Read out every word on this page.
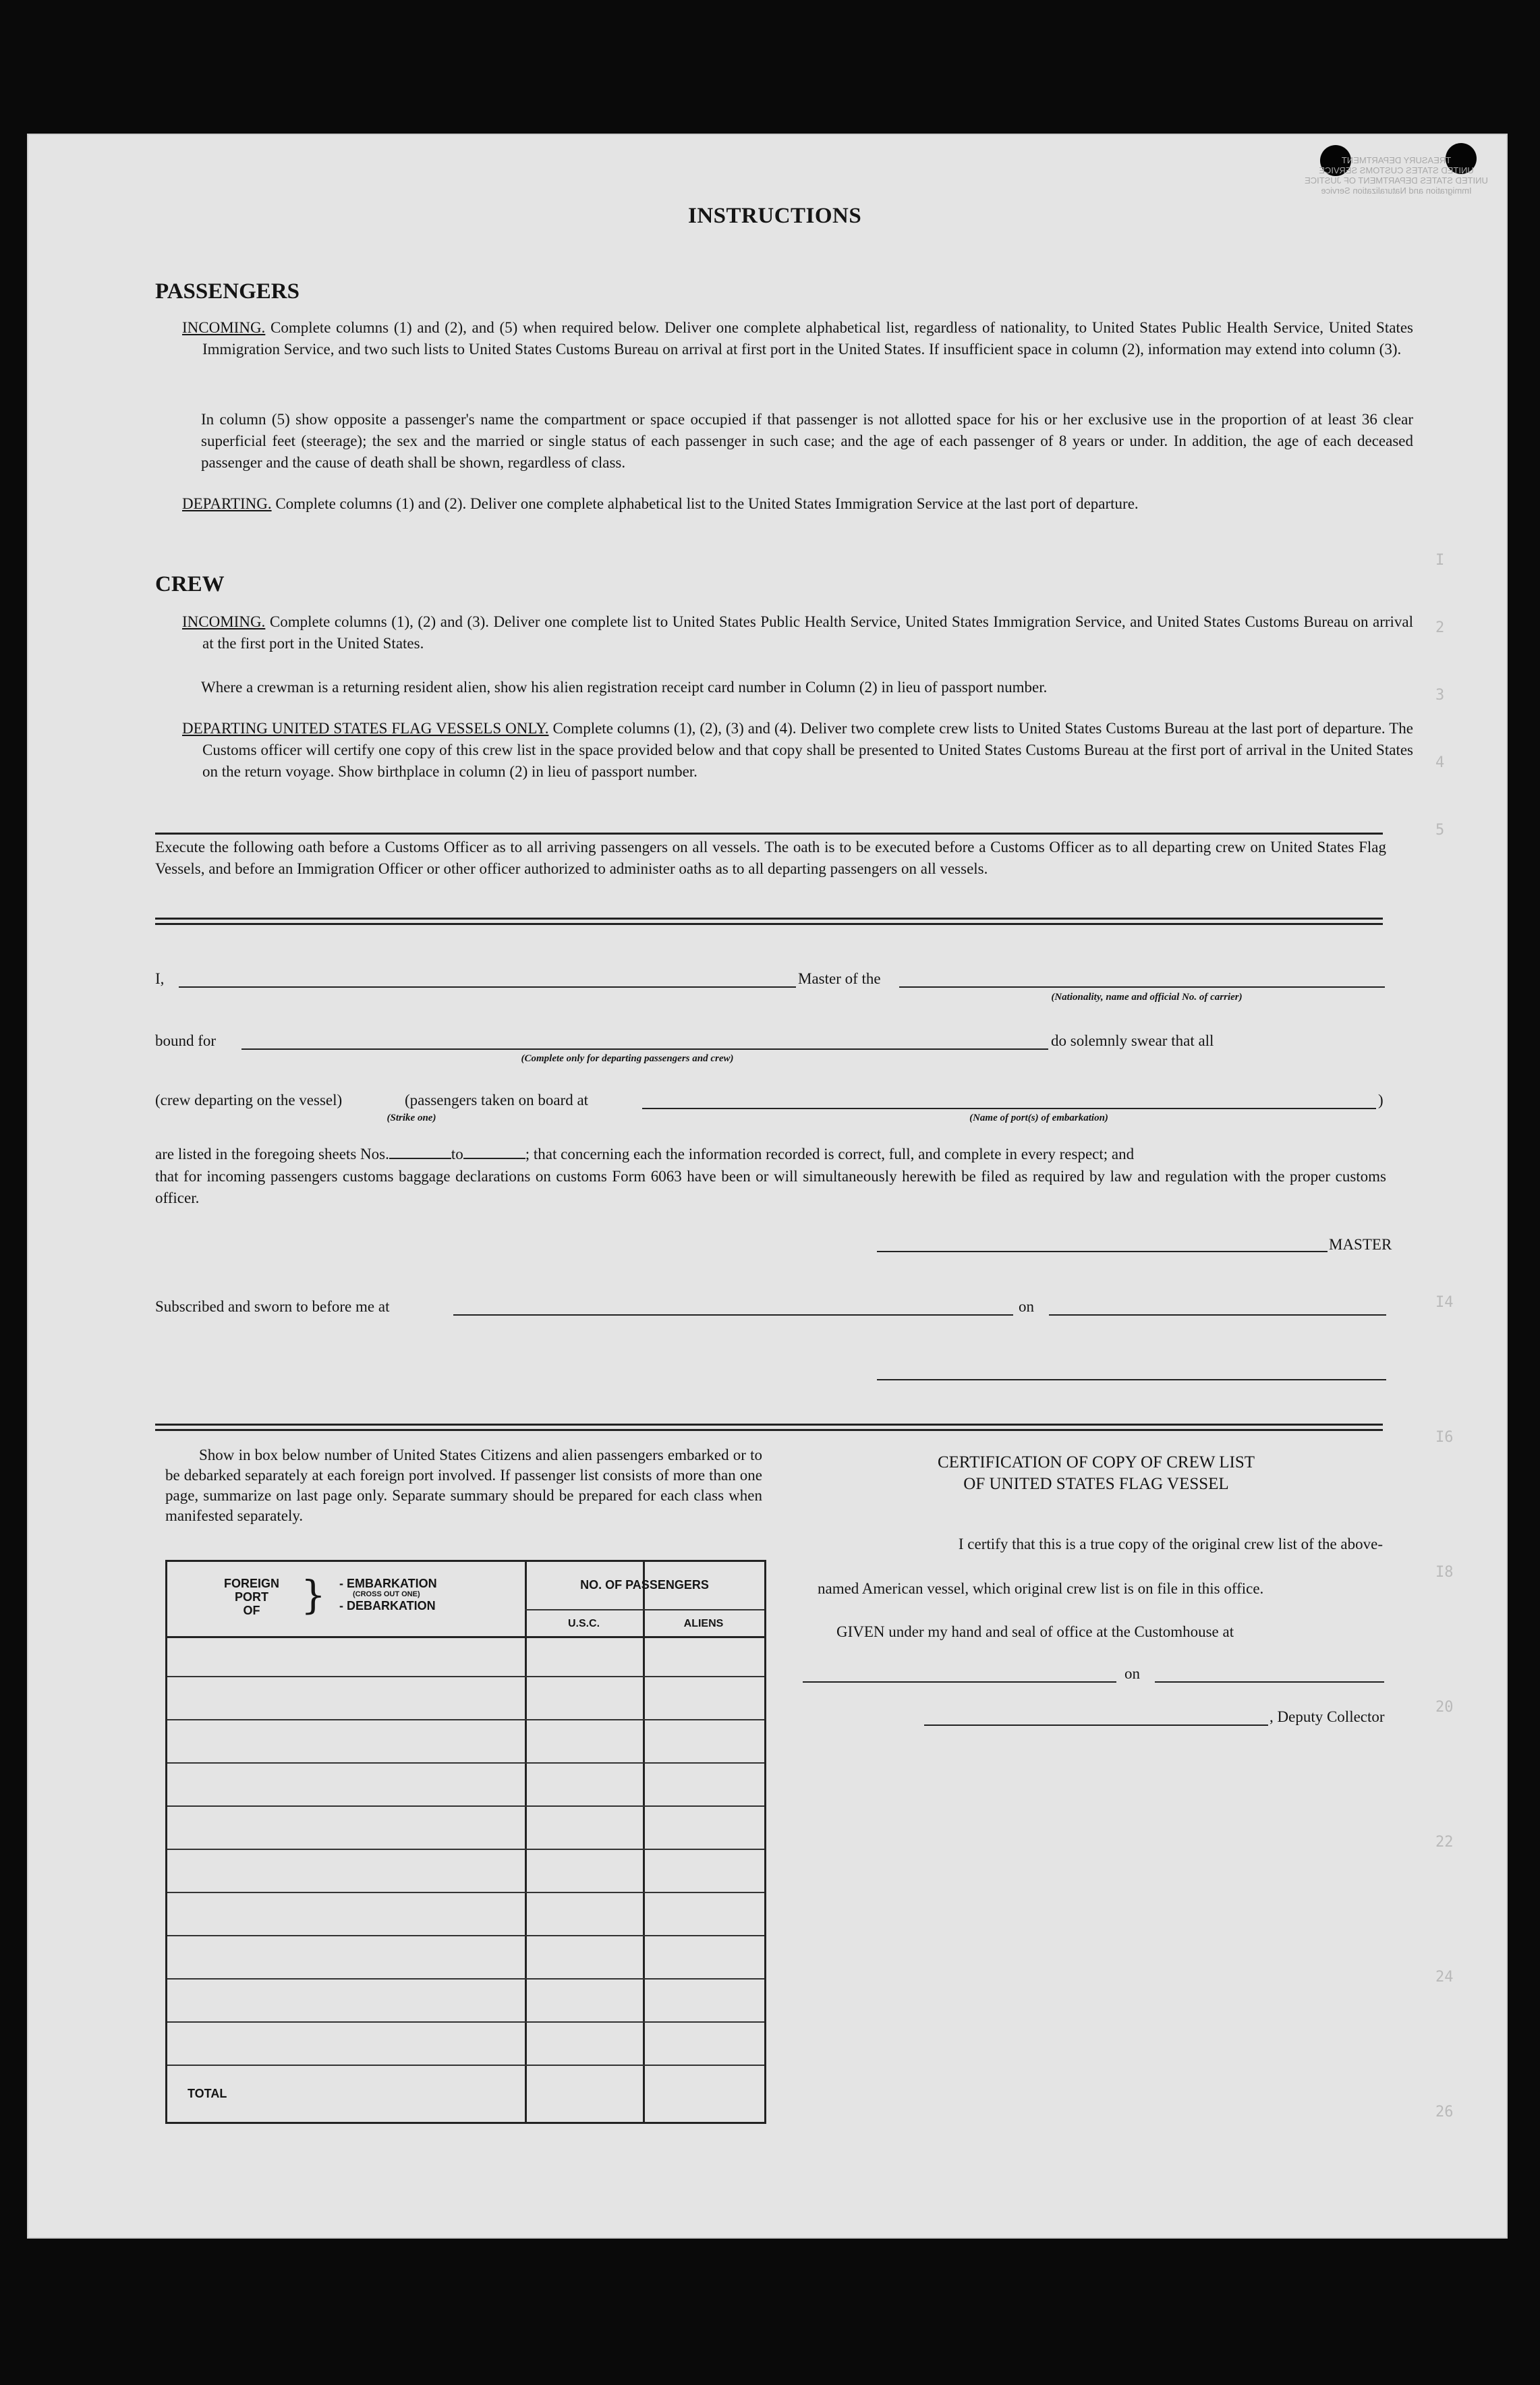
TREASURY DEPARTMENT
UNITED STATES CUSTOMS SERVICE
UNITED STATES DEPARTMENT OF JUSTICE
Immigration and Naturalization Service
I
2
3
4
5
I4
I6
I8
20
22
24
26
INSTRUCTIONS
PASSENGERS
INCOMING. Complete columns (1) and (2), and (5) when required below. Deliver one complete alphabetical list, regardless of nationality, to United States Public Health Service, United States Immigration Service, and two such lists to United States Customs Bureau on arrival at first port in the United States. If insufficient space in column (2), information may extend into column (3).
In column (5) show opposite a passenger's name the compartment or space occupied if that passenger is not allotted space for his or her exclusive use in the proportion of at least 36 clear superficial feet (steerage); the sex and the married or single status of each passenger in such case; and the age of each passenger of 8 years or under. In addition, the age of each deceased passenger and the cause of death shall be shown, regardless of class.
DEPARTING. Complete columns (1) and (2). Deliver one complete alphabetical list to the United States Immigration Service at the last port of departure.
CREW
INCOMING. Complete columns (1), (2) and (3). Deliver one complete list to United States Public Health Service, United States Immigration Service, and United States Customs Bureau on arrival at the first port in the United States.
Where a crewman is a returning resident alien, show his alien registration receipt card number in Column (2) in lieu of passport number.
DEPARTING UNITED STATES FLAG VESSELS ONLY. Complete columns (1), (2), (3) and (4). Deliver two complete crew lists to United States Customs Bureau at the last port of departure. The Customs officer will certify one copy of this crew list in the space provided below and that copy shall be presented to United States Customs Bureau at the first port of arrival in the United States on the return voyage. Show birthplace in column (2) in lieu of passport number.
Execute the following oath before a Customs Officer as to all arriving passengers on all vessels. The oath is to be executed before a Customs Officer as to all departing crew on United States Flag Vessels, and before an Immigration Officer or other officer authorized to administer oaths as to all departing passengers on all vessels.
I,	Master of the
(Nationality, name and official No. of carrier)
bound for	do solemnly swear that all
(Complete only for departing passengers and crew)
(crew departing on the vessel)	(passengers taken on board at	)
(Strike one)	(Name of port(s) of embarkation)
are listed in the foregoing sheets Nos.	to	; that concerning each the information recorded is correct, full, and complete in every respect; and
that for incoming passengers customs baggage declarations on customs Form 6063 have been or will simultaneously herewith be filed as required by law and regulation with the proper customs officer.
MASTER
Subscribed and sworn to before me at	on
Show in box below number of United States Citizens and alien passengers embarked or to be debarked separately at each foreign port involved. If passenger list consists of more than one page, summarize on last page only. Separate summary should be prepared for each class when manifested separately.
FOREIGN
PORT
OF	} - EMBARKATION
(CROSS OUT ONE)
- DEBARKATION
NO. OF PASSENGERS
U.S.C.	ALIENS
TOTAL
CERTIFICATION OF COPY OF CREW LIST
OF UNITED STATES FLAG VESSEL
I certify that this is a true copy of the original crew list of the above-
named American vessel, which original crew list is on file in this office.
GIVEN under my hand and seal of office at the Customhouse at
on
, Deputy Collector
